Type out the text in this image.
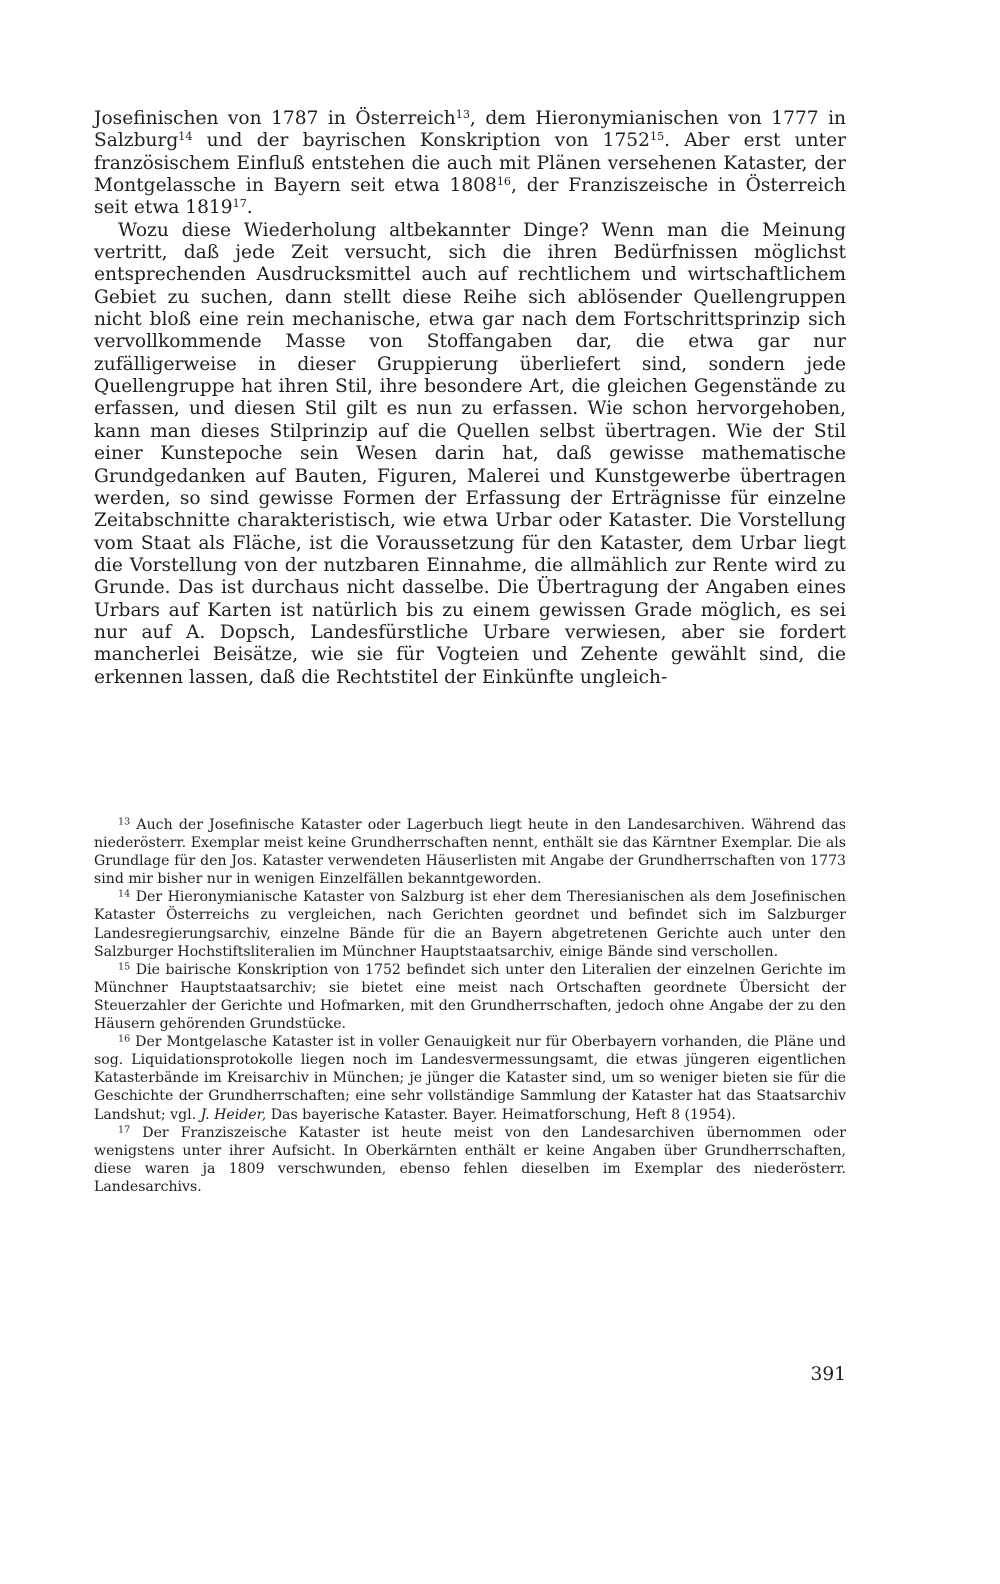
Josefinischen von 1787 in Österreich$^{13}$, dem Hieronymianischen von 1777 in Salzburg$^{14}$ und der bayrischen Konskription von 1752$^{15}$. Aber erst unter französischem Einfluß entstehen die auch mit Plänen versehenen Kataster, der Montgelassche in Bayern seit etwa 1808$^{16}$, der Franziszeische in Österreich seit etwa 1819$^{17}$.

Wozu diese Wiederholung altbekannter Dinge? Wenn man die Meinung vertritt, daß jede Zeit versucht, sich die ihren Bedürfnissen möglichst entsprechenden Ausdrucksmittel auch auf rechtlichem und wirtschaftlichem Gebiet zu suchen, dann stellt diese Reihe sich ablösender Quellengruppen nicht bloß eine rein mechanische, etwa gar nach dem Fortschrittsprinzip sich vervollkommende Masse von Stoffangaben dar, die etwa gar nur zufälligerweise in dieser Gruppierung überliefert sind, sondern jede Quellengruppe hat ihren Stil, ihre besondere Art, die gleichen Gegenstände zu erfassen, und diesen Stil gilt es nun zu erfassen. Wie schon hervorgehoben, kann man dieses Stilprinzip auf die Quellen selbst übertragen. Wie der Stil einer Kunstepoche sein Wesen darin hat, daß gewisse mathematische Grundgedanken auf Bauten, Figuren, Malerei und Kunstgewerbe übertragen werden, so sind gewisse Formen der Erfassung der Erträgnisse für einzelne Zeitabschnitte charakteristisch, wie etwa Urbar oder Kataster. Die Vorstellung vom Staat als Fläche, ist die Voraussetzung für den Kataster, dem Urbar liegt die Vorstellung von der nutzbaren Einnahme, die allmählich zur Rente wird zu Grunde. Das ist durchaus nicht dasselbe. Die Übertragung der Angaben eines Urbars auf Karten ist natürlich bis zu einem gewissen Grade möglich, es sei nur auf A. Dopsch, Landesfürstliche Urbare verwiesen, aber sie fordert mancherlei Beisätze, wie sie für Vogteien und Zehente gewählt sind, die erkennen lassen, daß die Rechtstitel der Einkünfte ungleich-

$^{13}$ Auch der Josefinische Kataster oder Lagerbuch liegt heute in den Landesarchiven. Während das niederösterr. Exemplar meist keine Grundherrschaften nennt, enthält sie das Kärntner Exemplar. Die als Grundlage für den Jos. Kataster verwendeten Häuserlisten mit Angabe der Grundherrschaften von 1773 sind mir bisher nur in wenigen Einzelfällen bekanntgeworden.

$^{14}$ Der Hieronymianische Kataster von Salzburg ist eher dem Theresianischen als dem Josefinischen Kataster Österreichs zu vergleichen, nach Gerichten geordnet und befindet sich im Salzburger Landesregierungsarchiv, einzelne Bände für die an Bayern abgetretenen Gerichte auch unter den Salzburger Hochstiftsliteralien im Münchner Hauptstaatsarchiv, einige Bände sind verschollen.

$^{15}$ Die bairische Konskription von 1752 befindet sich unter den Literalien der einzelnen Gerichte im Münchner Hauptstaatsarchiv; sie bietet eine meist nach Ortschaften geordnete Übersicht der Steuerzahler der Gerichte und Hofmarken, mit den Grundherrschaften, jedoch ohne Angabe der zu den Häusern gehörenden Grundstücke.

$^{16}$ Der Montgelasche Kataster ist in voller Genauigkeit nur für Oberbayern vorhanden, die Pläne und sog. Liquidationsprotokolle liegen noch im Landesvermessungsamt, die etwas jüngeren eigentlichen Katasterbände im Kreisarchiv in München; je jünger die Kataster sind, um so weniger bieten sie für die Geschichte der Grundherrschaften; eine sehr vollständige Sammlung der Kataster hat das Staatsarchiv Landshut; vgl. J. Heider, Das bayerische Kataster. Bayer. Heimatforschung, Heft 8 (1954).

$^{17}$ Der Franziszeische Kataster ist heute meist von den Landesarchiven übernommen oder wenigstens unter ihrer Aufsicht. In Oberkärnten enthält er keine Angaben über Grundherrschaften, diese waren ja 1809 verschwunden, ebenso fehlen dieselben im Exemplar des niederösterr. Landesarchivs.

391
